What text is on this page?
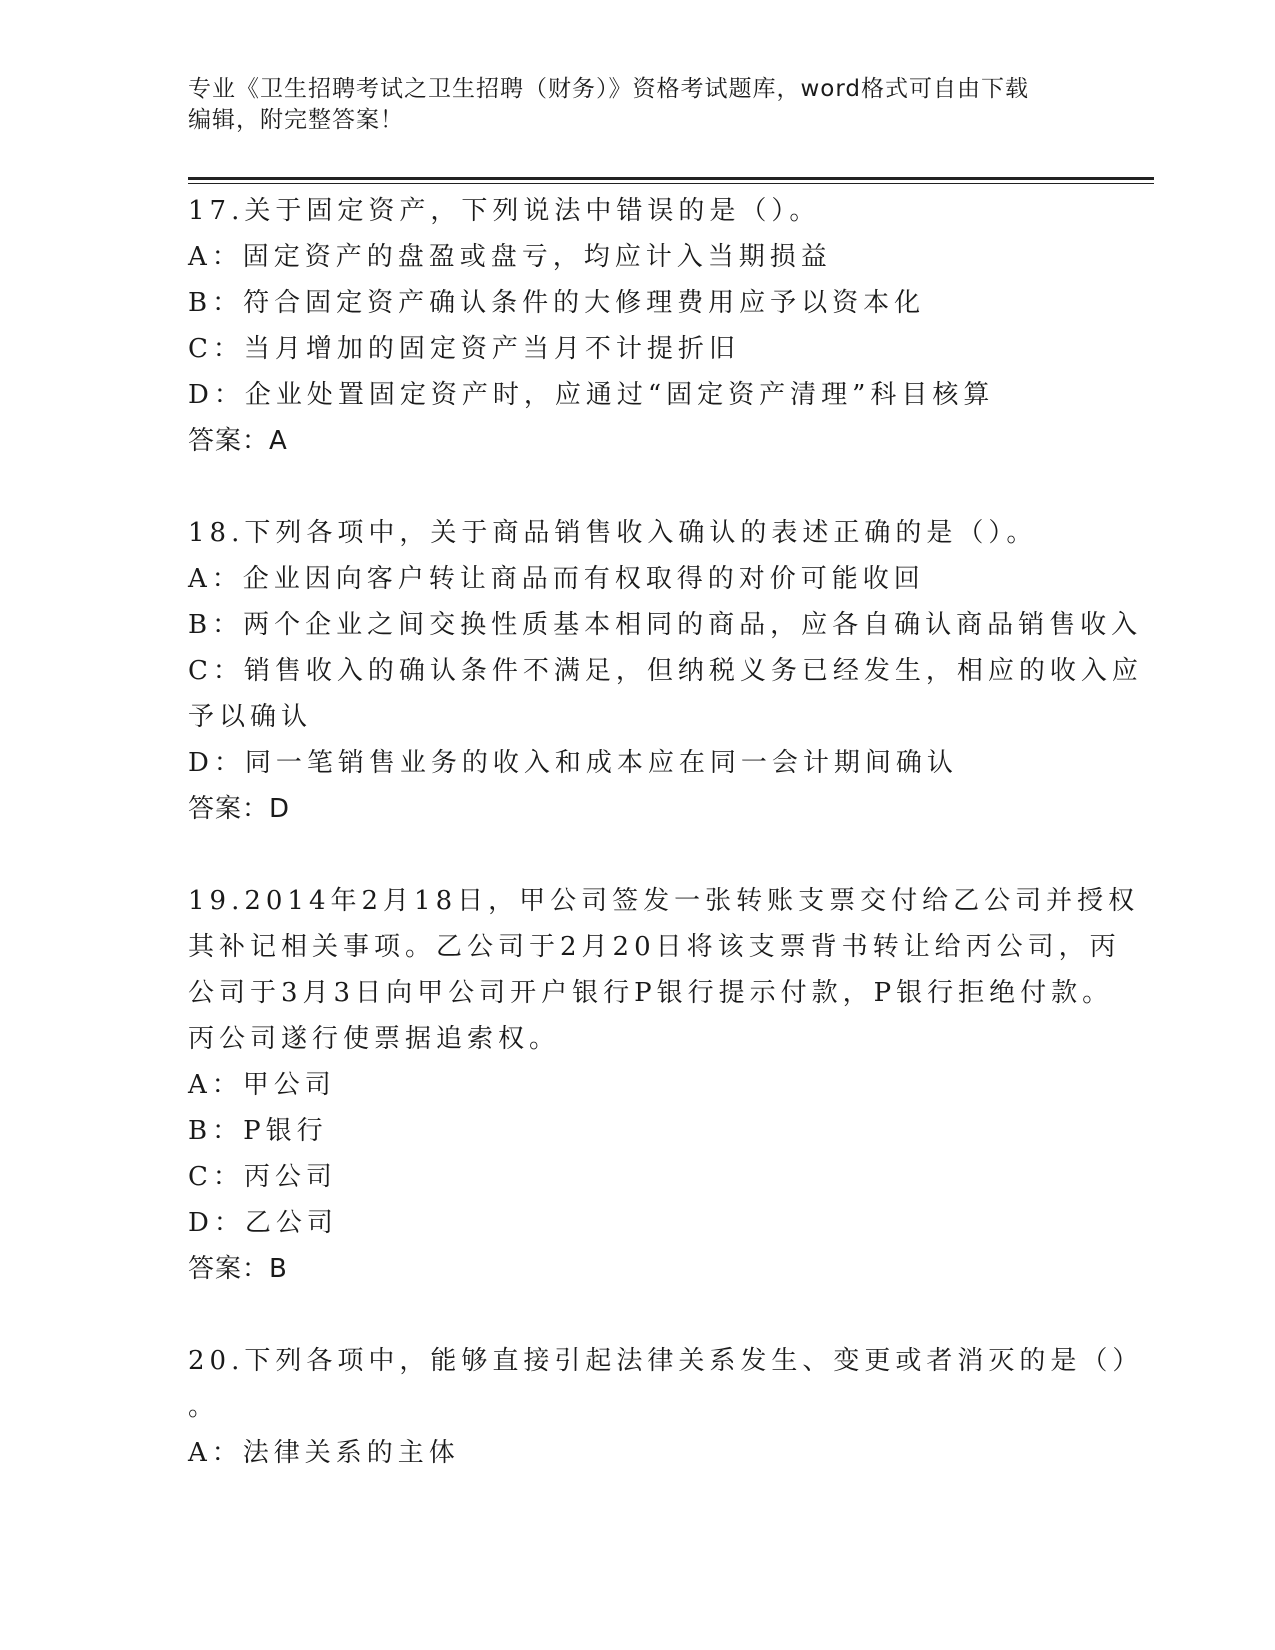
专业《卫生招聘考试之卫生招聘（财务）》资格考试题库，word格式可自由下载
编辑，附完整答案！

17.关于固定资产，下列说法中错误的是（）。

A：固定资产的盘盈或盘亏，均应计入当期损益

B：符合固定资产确认条件的大修理费用应予以资本化

C：当月增加的固定资产当月不计提折旧

D：企业处置固定资产时，应通过“固定资产清理”科目核算

答案：A

18.下列各项中，关于商品销售收入确认的表述正确的是（）。

A：企业因向客户转让商品而有权取得的对价可能收回

B：两个企业之间交换性质基本相同的商品，应各自确认商品销售收入

C：销售收入的确认条件不满足，但纳税义务已经发生，相应的收入应

予以确认

D：同一笔销售业务的收入和成本应在同一会计期间确认

答案：D

19.2014年2月18日，甲公司签发一张转账支票交付给乙公司并授权

其补记相关事项。乙公司于2月20日将该支票背书转让给丙公司，丙

公司于3月3日向甲公司开户银行P银行提示付款，P银行拒绝付款。

丙公司遂行使票据追索权。

A：甲公司

B：P银行

C：丙公司

D：乙公司

答案：B

20.下列各项中，能够直接引起法律关系发生、变更或者消灭的是（）

。

A：法律关系的主体
